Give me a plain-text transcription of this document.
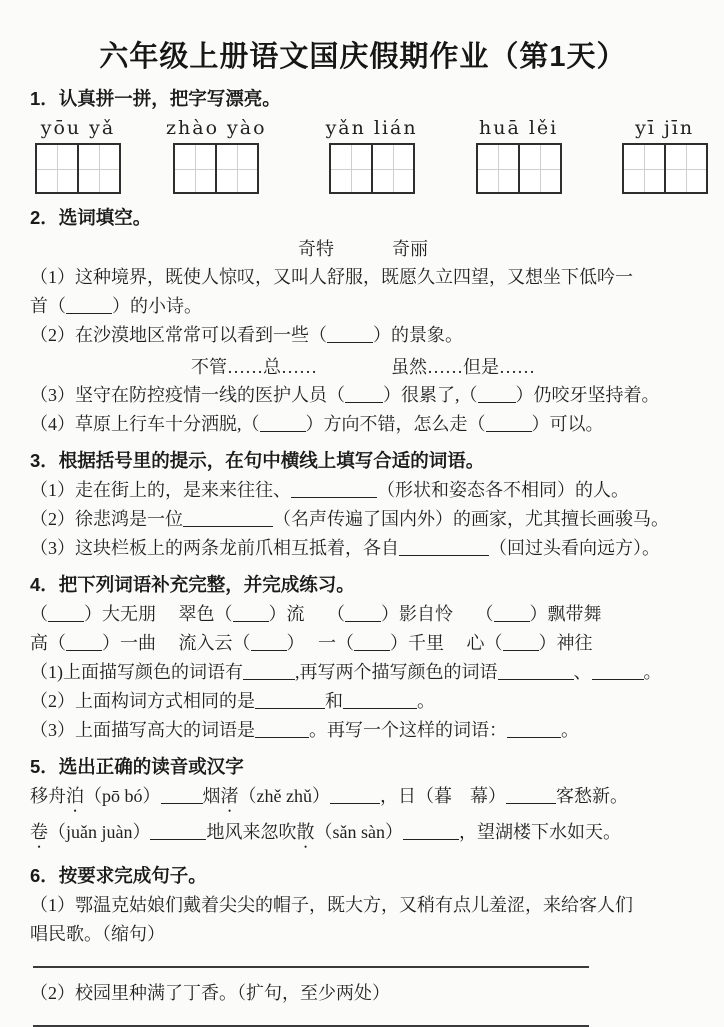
六年级上册语文国庆假期作业（第1天）
1．认真拼一拼，把字写漂亮。
yōu yǎ	zhào yào	yǎn lián	huā lěi	yī jīn
2．选词填空。
奇特	奇丽

（1）这种境界，既使人惊叹，又叫人舒服，既愿久立四望，又想坐下低吟一

首（	）的小诗。

（2）在沙漠地区常常可以看到一些（	）的景象。

不管……总……	虽然……但是……

（3）坚守在防控疫情一线的医护人员（ ）很累了,（ ）仍咬牙坚持着。

（4）草原上行车十分洒脱,（	）方向不错，怎么走（	）可以。

3．根据括号里的提示，在句中横线上填写合适的词语。

（1）走在街上的，是来来往往、	（形状和姿态各不相同）的人。

（2）徐悲鸿是一位	（名声传遍了国内外）的画家，尤其擅长画骏马。

（3）这块栏板上的两条龙前爪相互抵着，各自	（回过头看向远方）。

4．把下列词语补充完整，并完成练习。

（ ）大无朋　 翠色（ ）流　 （ ）影自怜　 （ ）飘带舞

高（ ）一曲　 流入云（ ）　 一（ ）千里　 心（ ）神往

（1)上面描写颜色的词语有	,再写两个描写颜色的词语	、	。

（2）上面构词方式相同的是	和	。

（3）上面描写高大的词语是	。再写一个这样的词语：	。

5．选出正确的读音或汉字

移舟泊（pō bó） 烟渚（zhě zhǔ）	，日（暮　幕）	客愁新。

卷（juǎn juàn）	地风来忽吹散（sǎn sàn）	，望湖楼下水如天。

6．按要求完成句子。

（1）鄂温克姑娘们戴着尖尖的帽子，既大方，又稍有点儿羞涩，来给客人们

唱民歌。（缩句）

（2）校园里种满了丁香。（扩句，至少两处）
